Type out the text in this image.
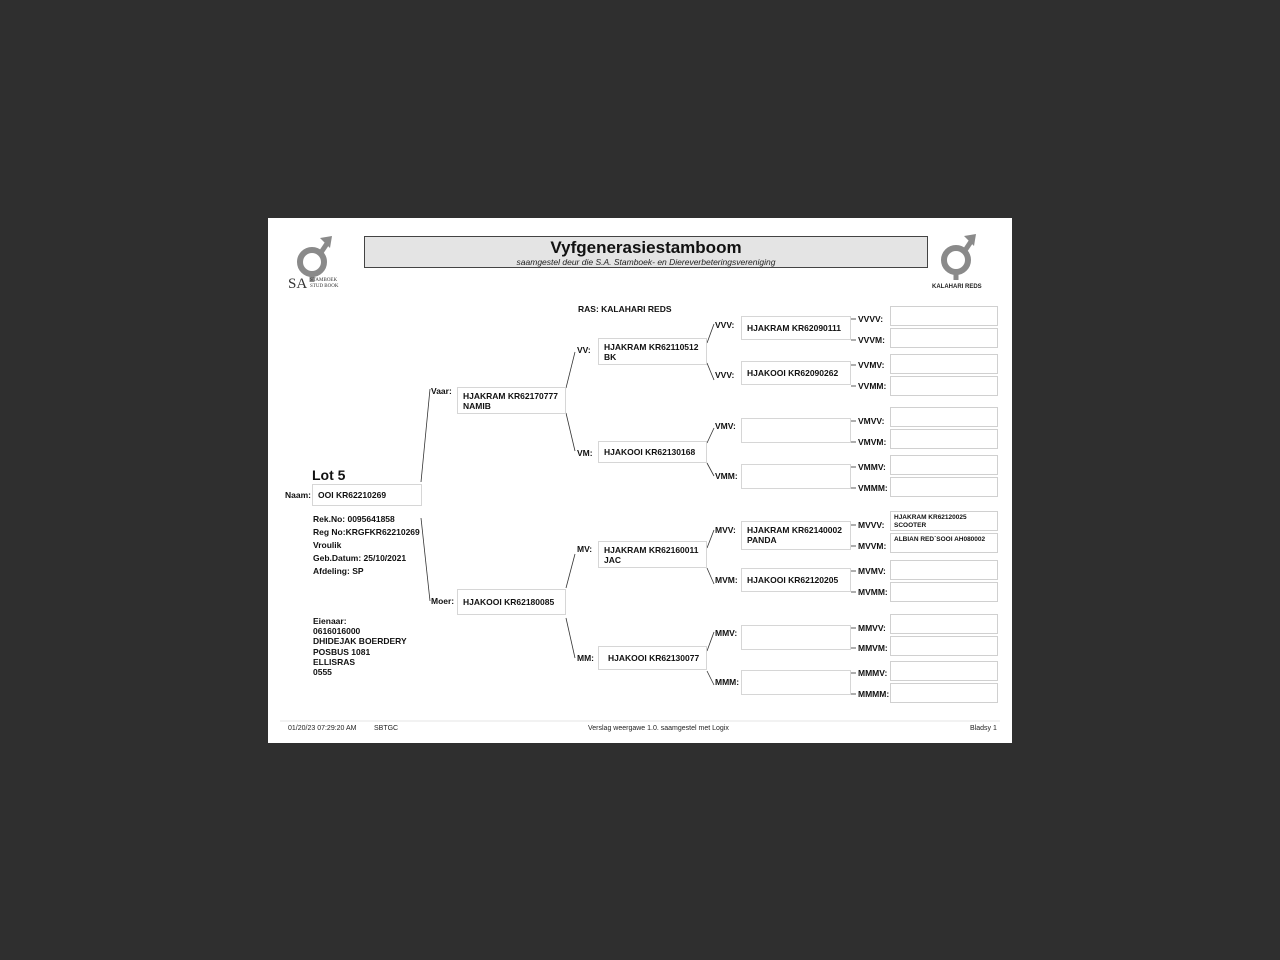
SA STAMBOEK
STUD BOOK
Vyfgenerasiestamboom
saamgestel deur die S.A. Stamboek- en Diereverbeteringsvereniging
KALAHARI REDS
RAS: KALAHARI REDS
Lot 5
Naam: OOI KR62210269
Rek.No: 0095641858
Reg No:KRGFKR62210269
Vroulik
Geb.Datum: 25/10/2021
Afdeling: SP
Eienaar:
0616016000
DHIDEJAK BOERDERY
POSBUS 1081
ELLISRAS
0555
Vaar:	HJAKRAM KR62170777 NAMIB
Moer:	HJAKOOI KR62180085
VV:	HJAKRAM KR62110512 BK
VM:	HJAKOOI KR62130168
MV:	HJAKRAM KR62160011 JAC
MM:	HJAKOOI KR62130077
VVV:	HJAKRAM KR62090111
VVV:	HJAKOOI KR62090262
VMV:
VMM:
MVV:	HJAKRAM KR62140002 PANDA
MVM:	HJAKOOI KR62120205
MMV:
MMM:
VVVV:
VVVM:
VVMV:
VVMM:
VMVV:
VMVM:
VMMV:
VMMM:
MVVV:
HJAKRAM KR62120025 SCOOTER
MVVM:
ALBIAN RED`SOOI AH080002
MVMV:
MVMM:
MMVV:
MMVM:
MMMV:
MMMM:
01/20/23 07:29:20 AM	SBTGC	Verslag weergawe 1.0. saamgestel met Logix	Bladsy 1
